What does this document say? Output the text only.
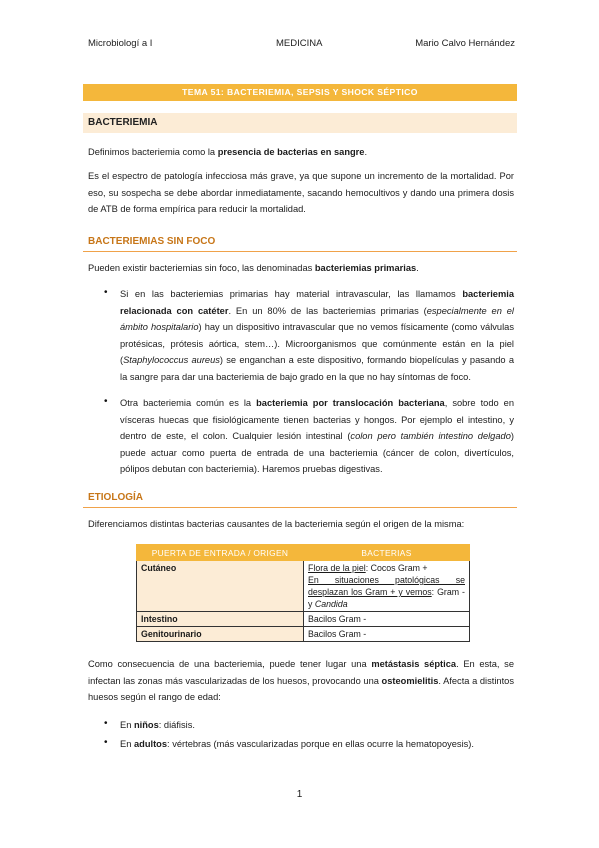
Microbiologí a I	MEDICINA	Mario Calvo Hernández
TEMA 51: BACTERIEMIA, SEPSIS Y SHOCK SÉPTICO
BACTERIEMIA

Definimos bacteriemia como la presencia de bacterias en sangre.

Es el espectro de patología infecciosa más grave, ya que supone un incremento de la mortalidad. Por eso, su sospecha se debe abordar inmediatamente, sacando hemocultivos y dando una primera dosis de ATB de forma empírica para reducir la mortalidad.

BACTERIEMIAS SIN FOCO

Pueden existir bacteriemias sin foco, las denominadas bacteriemias primarias.

• Si en las bacteriemias primarias hay material intravascular, las llamamos bacteriemia relacionada con catéter. En un 80% de las bacteriemias primarias (especialmente en el ámbito hospitalario) hay un dispositivo intravascular que no vemos físicamente (como válvulas protésicas, prótesis aórtica, stem…). Microorganismos que comúnmente están en la piel (Staphylococcus aureus) se enganchan a este dispositivo, formando biopelículas y pasando a la sangre para dar una bacteriemia de bajo grado en la que no hay síntomas de foco.

• Otra bacteriemia común es la bacteriemia por translocación bacteriana, sobre todo en vísceras huecas que fisiológicamente tienen bacterias y hongos. Por ejemplo el intestino, y dentro de este, el colon. Cualquier lesión intestinal (colon pero también intestino delgado) puede actuar como puerta de entrada de una bacteriemia (cáncer de colon, divertículos, pólipos debutan con bacteriemia). Haremos pruebas digestivas.

ETIOLOGÍA

Diferenciamos distintas bacterias causantes de la bacteriemia según el origen de la misma:

PUERTA DE ENTRADA / ORIGEN	BACTERIAS
Cutáneo	Flora de la piel: Cocos Gram +
En situaciones patológicas se desplazan los Gram + y vemos: Gram - y Candida
Intestino	Bacilos Gram -
Genitourinario	Bacilos Gram -

Como consecuencia de una bacteriemia, puede tener lugar una metástasis séptica. En esta, se infectan las zonas más vascularizadas de los huesos, provocando una osteomielitis. Afecta a distintos huesos según el rango de edad:

• En niños: diáfisis.

• En adultos: vértebras (más vascularizadas porque en ellas ocurre la hematopoyesis).

1
